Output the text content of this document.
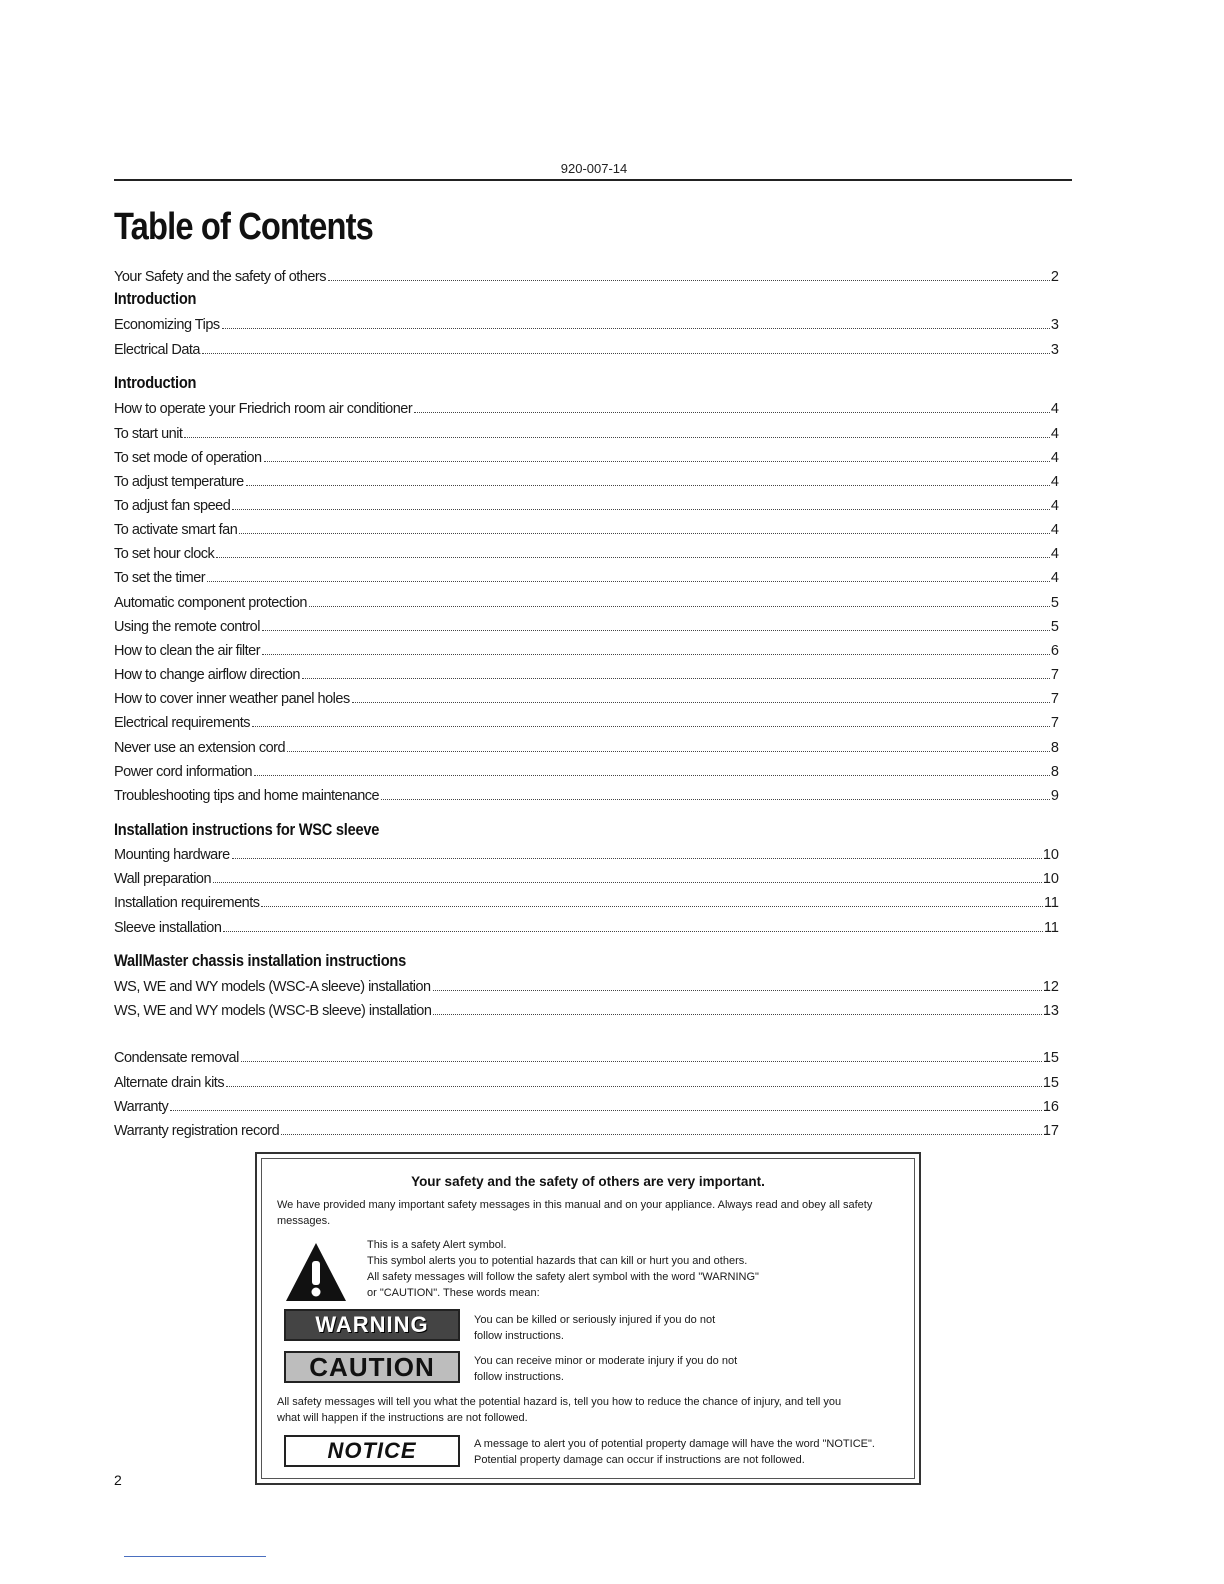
920-007-14
Table of Contents
Your Safety and the safety of others	2
Introduction
Economizing Tips	3
Electrical Data	3
Introduction
How to operate your Friedrich room air conditioner	4
To start unit	4
To set mode of operation	4
To adjust temperature	4
To adjust fan speed	4
To activate smart fan	4
To set hour clock	4
To set the timer	4
Automatic component protection	5
Using the remote control	5
How to clean the air filter	6
How to change airflow direction	7
How to cover inner weather panel holes	7
Electrical requirements	7
Never use an extension cord	8
Power cord information	8
Troubleshooting tips and home maintenance	9
Installation instructions for WSC sleeve
Mounting hardware	10
Wall preparation	10
Installation requirements	11
Sleeve installation	11
WallMaster chassis installation instructions
WS, WE and WY models (WSC-A sleeve) installation	12
WS, WE and WY models (WSC-B sleeve) installation	13
Condensate removal	15
Alternate drain kits	15
Warranty	16
Warranty registration record	17
Your safety and the safety of others are very important.
We have provided many important safety messages in this manual and on your appliance. Always read and obey all safety messages.
This is a safety Alert symbol.
This symbol alerts you to potential hazards that can kill or hurt you and others.
All safety messages will follow the safety alert symbol with the word "WARNING"
or "CAUTION". These words mean:
WARNING	You can be killed or seriously injured if you do not
follow instructions.
CAUTION	You can receive minor or moderate injury if you do not
follow instructions.
All safety messages will tell you what the potential hazard is, tell you how to reduce the chance of injury, and tell you
what will happen if the instructions are not followed.
NOTICE	A message to alert you of potential property damage will have the word "NOTICE".
Potential property damage can occur if instructions are not followed.
2
